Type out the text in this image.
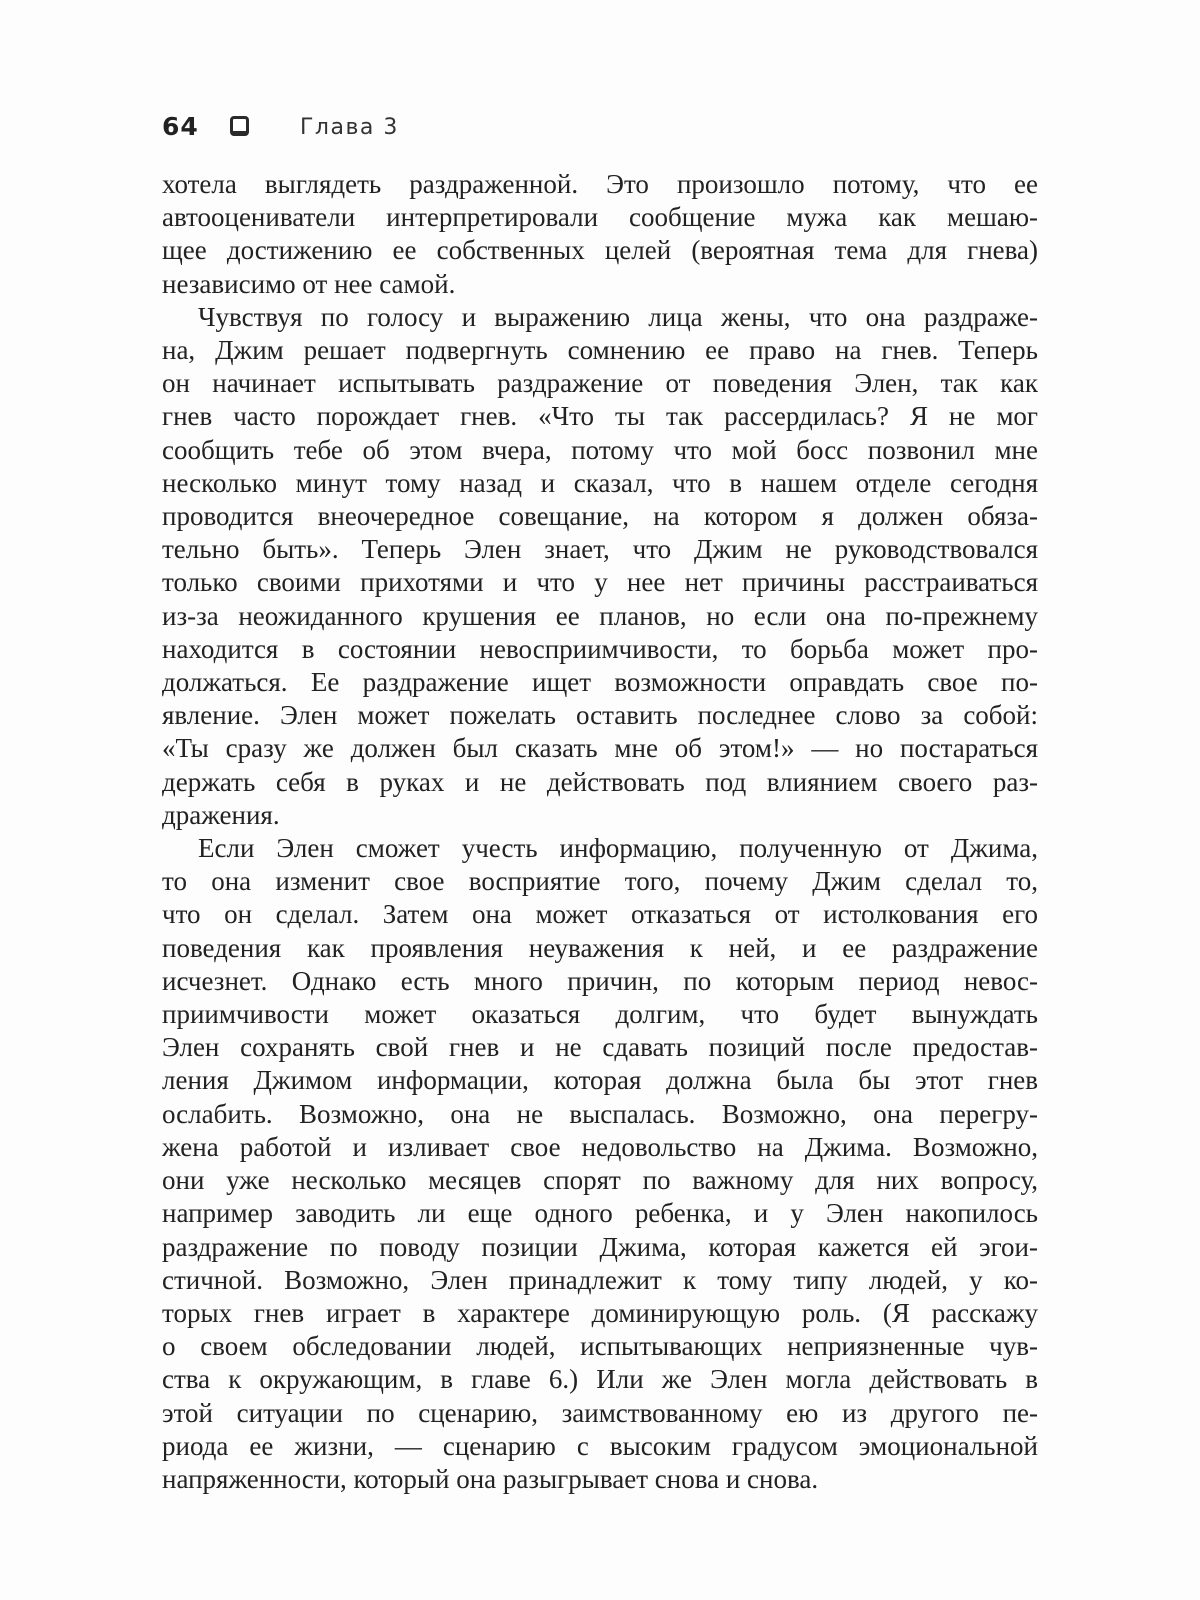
64	Глава 3

хотела выглядеть раздраженной. Это произошло потому, что ее
автооцениватели интерпретировали сообщение мужа как мешаю-
щее достижению ее собственных целей (вероятная тема для гнева)
независимо от нее самой.

Чувствуя по голосу и выражению лица жены, что она раздраже-
на, Джим решает подвергнуть сомнению ее право на гнев. Теперь
он начинает испытывать раздражение от поведения Элен, так как
гнев часто порождает гнев. «Что ты так рассердилась? Я не мог
сообщить тебе об этом вчера, потому что мой босс позвонил мне
несколько минут тому назад и сказал, что в нашем отделе сегодня
проводится внеочередное совещание, на котором я должен обяза-
тельно быть». Теперь Элен знает, что Джим не руководствовался
только своими прихотями и что у нее нет причины расстраиваться
из-за неожиданного крушения ее планов, но если она по-прежнему
находится в состоянии невосприимчивости, то борьба может про-
должаться. Ее раздражение ищет возможности оправдать свое по-
явление. Элен может пожелать оставить последнее слово за собой:
«Ты сразу же должен был сказать мне об этом!» — но постараться
держать себя в руках и не действовать под влиянием своего раз-
дражения.

Если Элен сможет учесть информацию, полученную от Джима,
то она изменит свое восприятие того, почему Джим сделал то,
что он сделал. Затем она может отказаться от истолкования его
поведения как проявления неуважения к ней, и ее раздражение
исчезнет. Однако есть много причин, по которым период невос-
приимчивости может оказаться долгим, что будет вынуждать
Элен сохранять свой гнев и не сдавать позиций после предостав-
ления Джимом информации, которая должна была бы этот гнев
ослабить. Возможно, она не выспалась. Возможно, она перегру-
жена работой и изливает свое недовольство на Джима. Возможно,
они уже несколько месяцев спорят по важному для них вопросу,
например заводить ли еще одного ребенка, и у Элен накопилось
раздражение по поводу позиции Джима, которая кажется ей эгои-
стичной. Возможно, Элен принадлежит к тому типу людей, у ко-
торых гнев играет в характере доминирующую роль. (Я расскажу
о своем обследовании людей, испытывающих неприязненные чув-
ства к окружающим, в главе 6.) Или же Элен могла действовать в
этой ситуации по сценарию, заимствованному ею из другого пе-
риода ее жизни, — сценарию с высоким градусом эмоциональной
напряженности, который она разыгрывает снова и снова.
